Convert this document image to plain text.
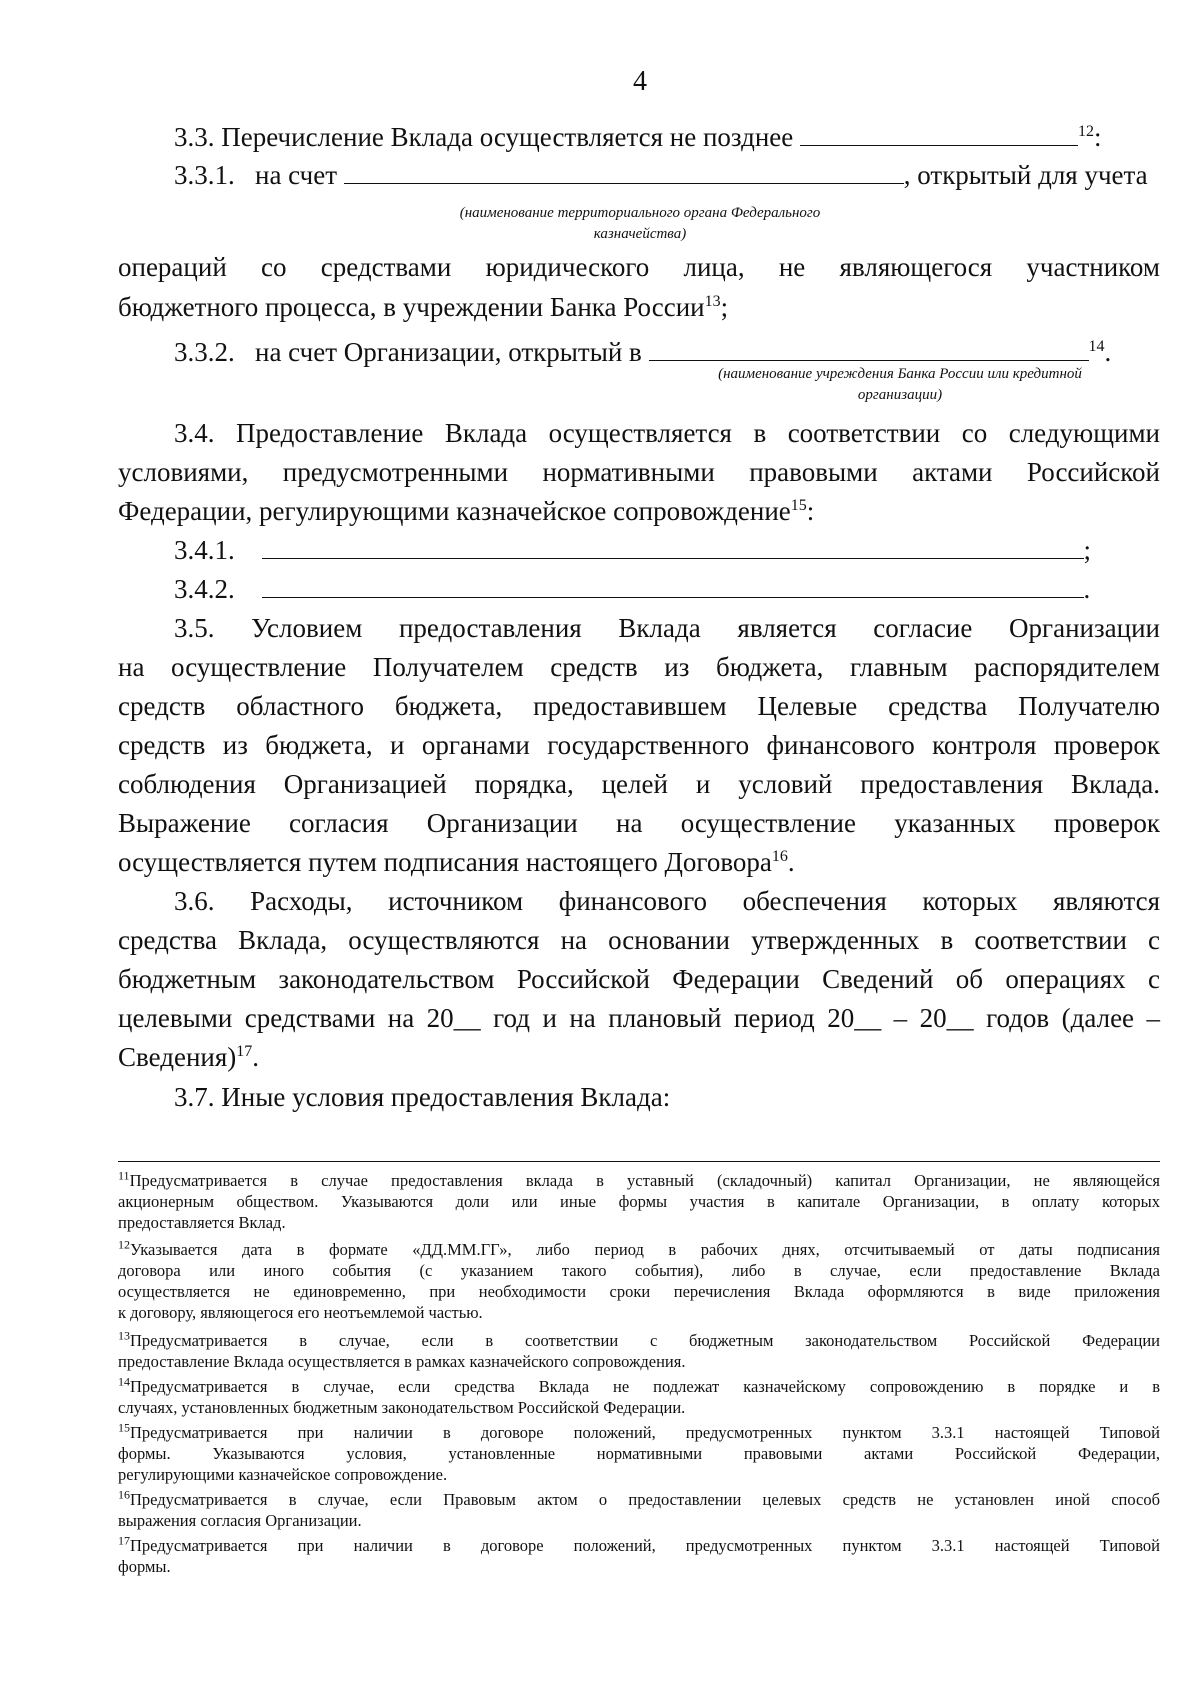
4
3.3. Перечисление Вклада осуществляется не позднее	$^{12}$:
3.3.1. на счет	, открытый для учета
(наименование территориального органа Федерального
казначейства)
операций со средствами юридического лица, не являющегося участником
бюджетного процесса, в учреждении Банка России$^{13}$;
3.3.2. на счет Организации, открытый в	$^{14}$.
(наименование учреждения Банка России или кредитной
организации)
3.4. Предоставление Вклада осуществляется в соответствии со следующими
условиями, предусмотренными нормативными правовыми актами Российской
Федерации, регулирующими казначейское сопровождение$^{15}$:
3.4.1.	;
3.4.2.	.
3.5. Условием предоставления Вклада является согласие Организации
на осуществление Получателем средств из бюджета, главным распорядителем
средств областного бюджета, предоставившем Целевые средства Получателю
средств из бюджета, и органами государственного финансового контроля проверок
соблюдения Организацией порядка, целей и условий предоставления Вклада.
Выражение согласия Организации на осуществление указанных проверок
осуществляется путем подписания настоящего Договора$^{16}$.
3.6. Расходы, источником финансового обеспечения которых являются
средства Вклада, осуществляются на основании утвержденных в соответствии с
бюджетным законодательством Российской Федерации Сведений об операциях с
целевыми средствами на 20__ год и на плановый период 20__ – 20__ годов (далее –
Сведения)$^{17}$.
3.7. Иные условия предоставления Вклада:
$^{11}$Предусматривается в случае предоставления вклада в уставный (складочный) капитал Организации, не являющейся
акционерным обществом. Указываются доли или иные формы участия в капитале Организации, в оплату которых
предоставляется Вклад.
$^{12}$Указывается дата в формате «ДД.ММ.ГГ», либо период в рабочих днях, отсчитываемый от даты подписания
договора или иного события (с указанием такого события), либо в случае, если предоставление Вклада
осуществляется не единовременно, при необходимости сроки перечисления Вклада оформляются в виде приложения
к договору, являющегося его неотъемлемой частью.
$^{13}$Предусматривается в случае, если в соответствии с бюджетным законодательством Российской Федерации
предоставление Вклада осуществляется в рамках казначейского сопровождения.
$^{14}$Предусматривается в случае, если средства Вклада не подлежат казначейскому сопровождению в порядке и в
случаях, установленных бюджетным законодательством Российской Федерации.
$^{15}$Предусматривается при наличии в договоре положений, предусмотренных пунктом 3.3.1 настоящей Типовой
формы. Указываются условия, установленные нормативными правовыми актами Российской Федерации,
регулирующими казначейское сопровождение.
$^{16}$Предусматривается в случае, если Правовым актом о предоставлении целевых средств не установлен иной способ
выражения согласия Организации.
$^{17}$Предусматривается при наличии в договоре положений, предусмотренных пунктом 3.3.1 настоящей Типовой
формы.
